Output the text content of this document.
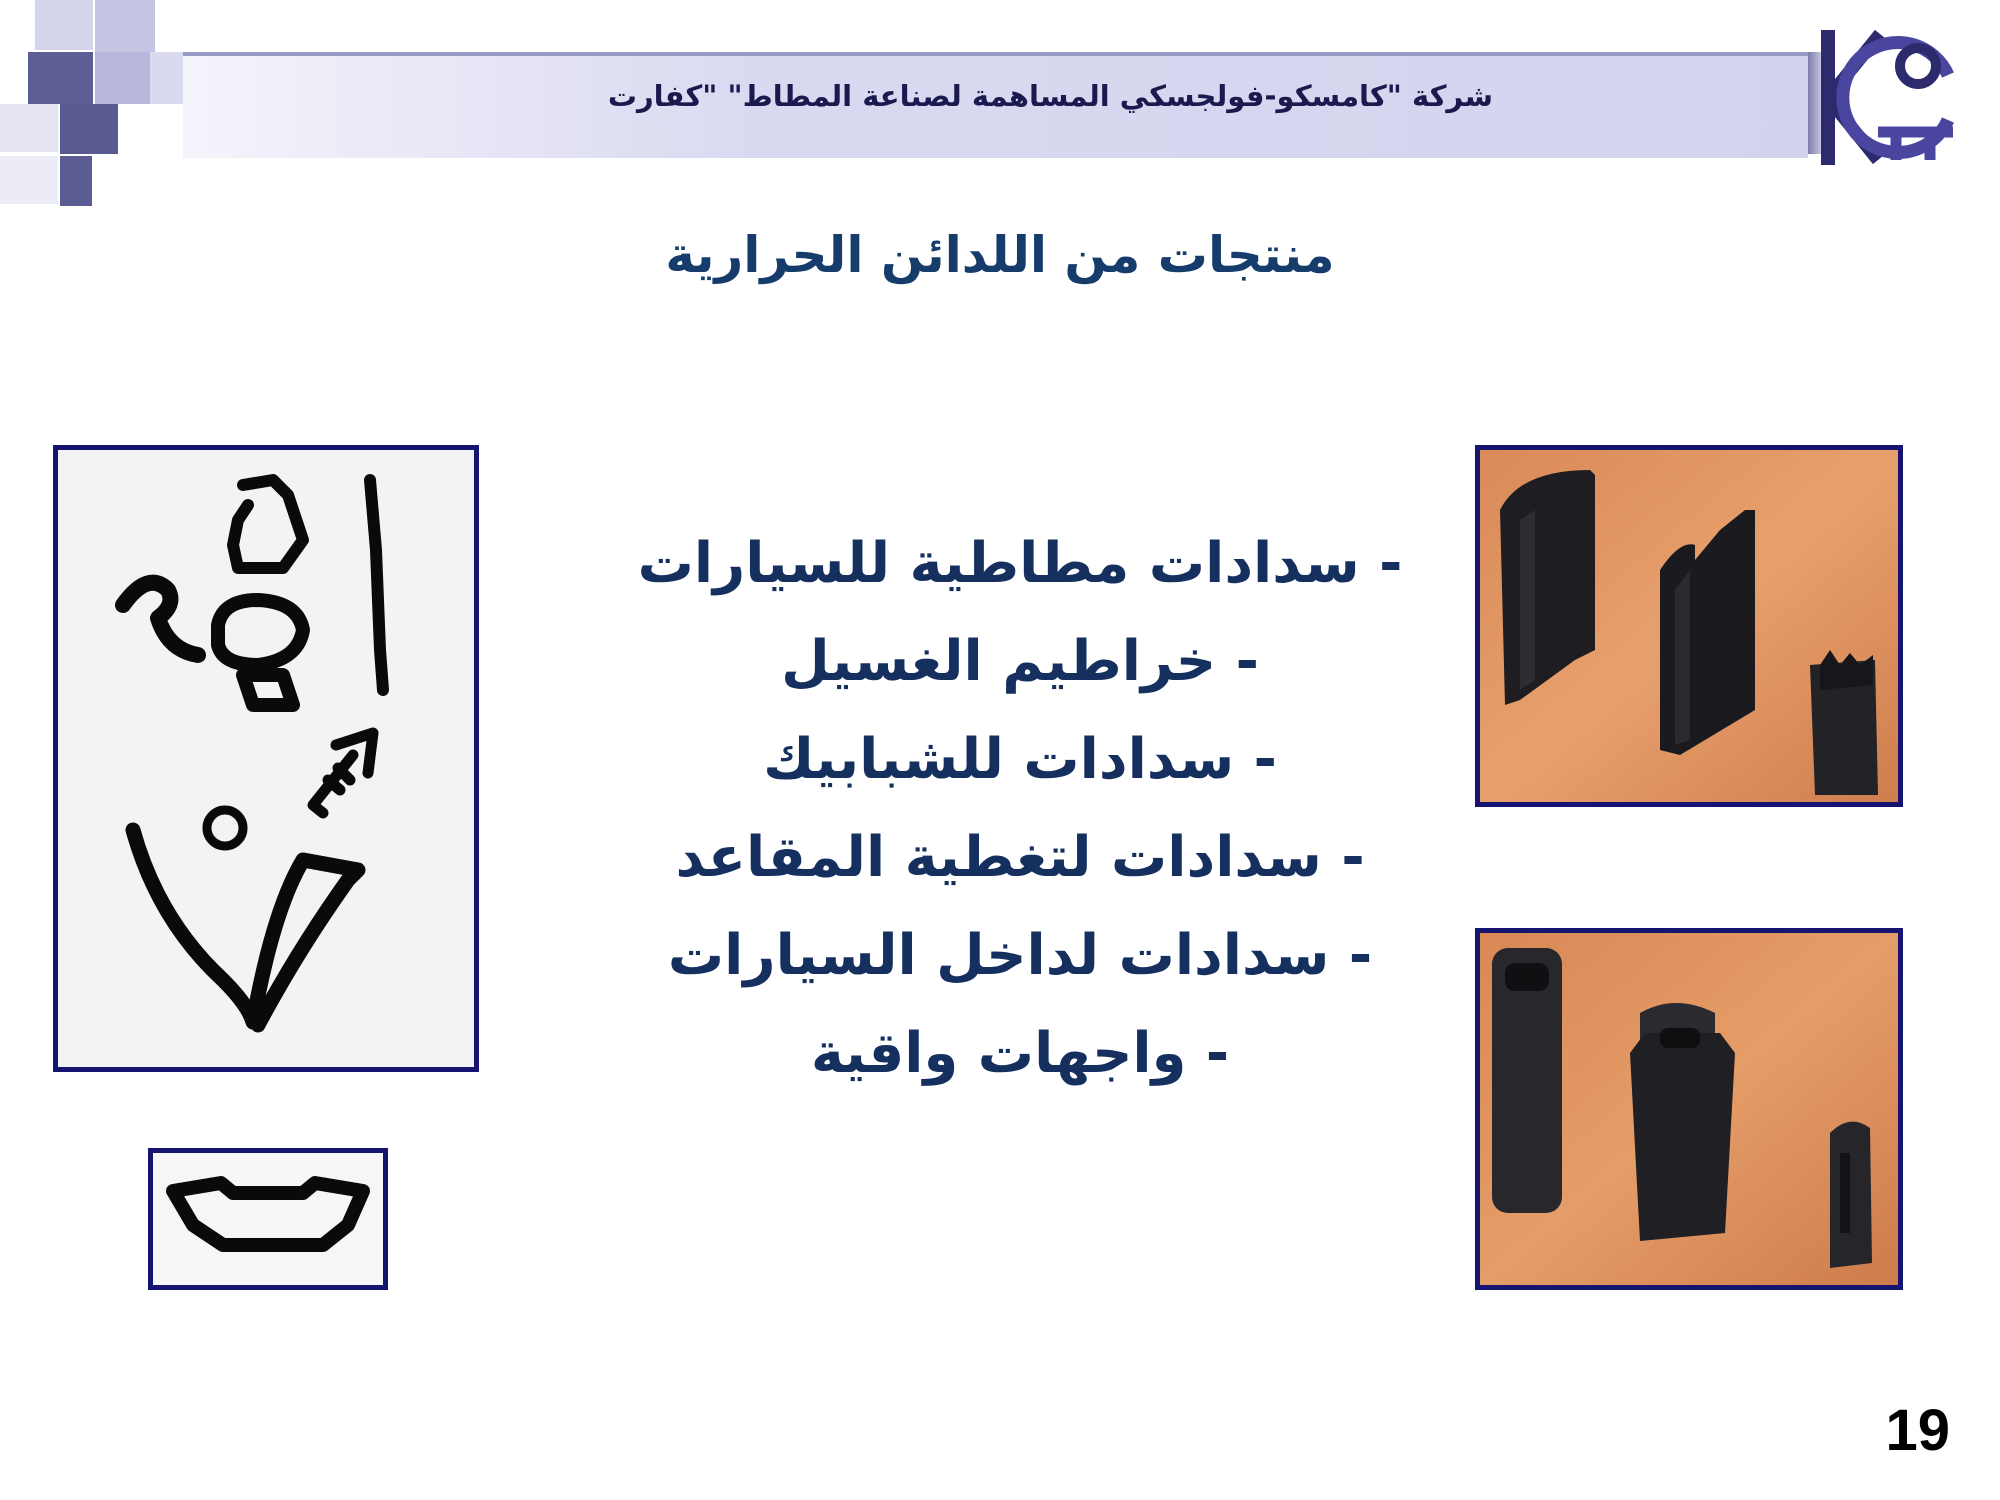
شركة "كامسكو-فولجسكي المساهمة لصناعة المطاط" "كفارت
منتجات من اللدائن الحرارية
- سدادات مطاطية للسيارات
- خراطيم الغسيل
- سدادات للشبابيك
- سدادات لتغطية المقاعد
- سدادات لداخل السيارات
- واجهات واقية
19
